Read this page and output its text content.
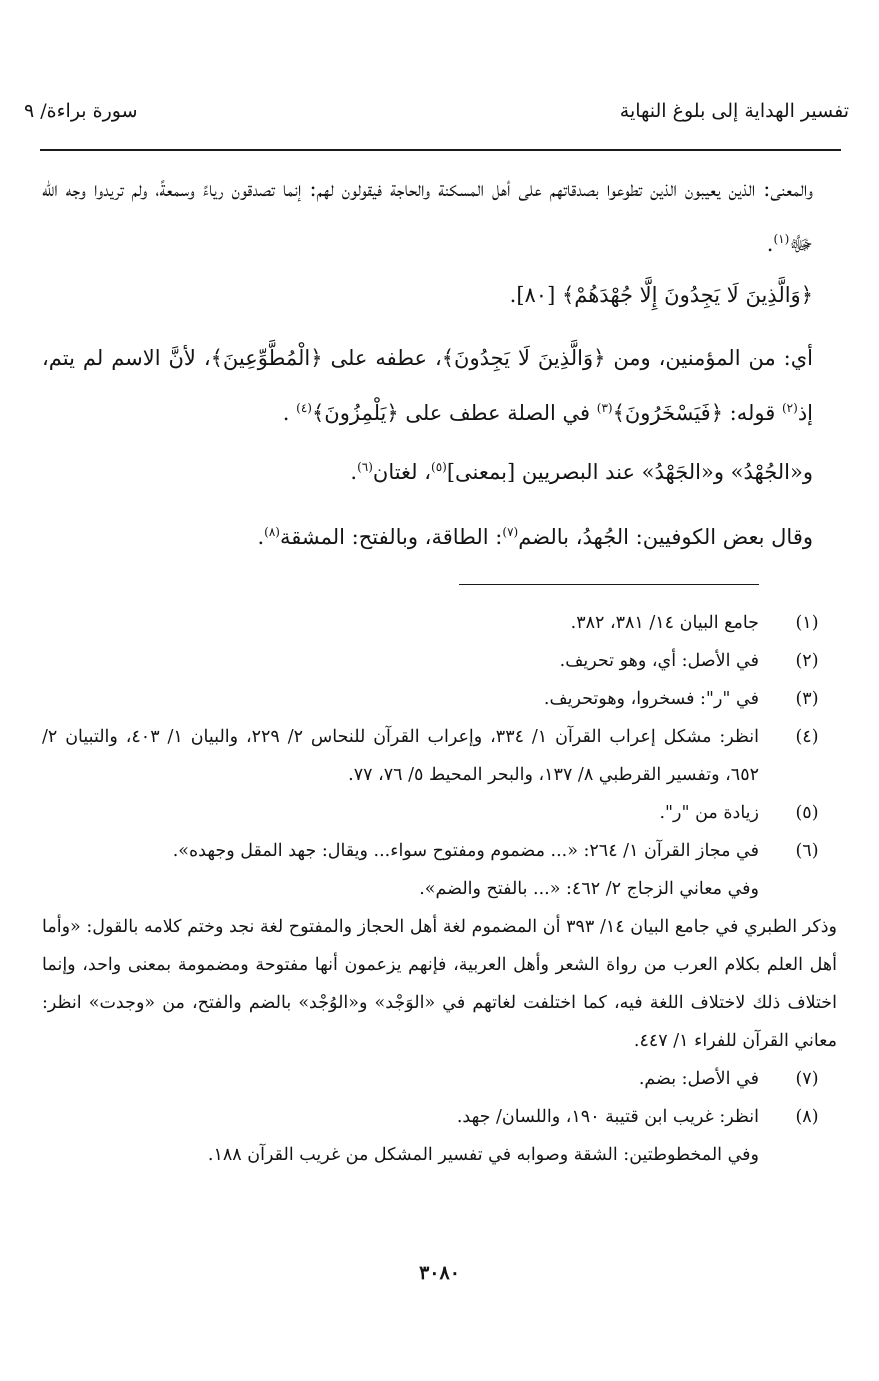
تفسير الهداية إلى بلوغ النهاية
سورة براءة/ ٩

والمعنى: الذين يعيبون الذين تطوعوا بصدقاتهم على أهل المسكنة والحاجة فيقولون لهم: إنما تصدقون رياءً وسمعةً، ولم تريدوا وجه الله ﷻ$^{(١)}$.

﴿وَالَّذِينَ لَا يَجِدُونَ إِلَّا جُهْدَهُمْ﴾ [٨٠].

أي: من المؤمنين، ومن ﴿وَالَّذِينَ لَا يَجِدُونَ﴾، عطفه على ﴿الْمُطَّوِّعِينَ﴾، لأنَّ الاسم لم يتم، إذ$^{(٢)}$ قوله: ﴿فَيَسْخَرُونَ﴾$^{(٣)}$ في الصلة عطف على ﴿يَلْمِزُونَ﴾$^{(٤)}$ .

و«الجُهْدُ» و«الجَهْدُ» عند البصريين [بمعنى]$^{(٥)}$، لغتان$^{(٦)}$.

وقال بعض الكوفيين: الجُهدُ، بالضم$^{(٧)}$: الطاقة، وبالفتح: المشقة$^{(٨)}$.

(١)

جامع البيان ١٤/ ٣٨١، ٣٨٢.

(٢)

في الأصل: أي، وهو تحريف.

(٣)

في "ر": فسخروا، وهوتحريف.

(٤)

انظر: مشكل إعراب القرآن ١/ ٣٣٤، وإعراب القرآن للنحاس ٢/ ٢٢٩، والبيان ١/ ٤٠٣، والتبيان ٢/ ٦٥٢، وتفسير القرطبي ٨/ ١٣٧، والبحر المحيط ٥/ ٧٦، ٧٧.

(٥)

زيادة من "ر".

(٦)

في مجاز القرآن ١/ ٢٦٤: «... مضموم ومفتوح سواء... ويقال: جهد المقل وجهده».

وفي معاني الزجاج ٢/ ٤٦٢: «... بالفتح والضم».

وذكر الطبري في جامع البيان ١٤/ ٣٩٣ أن المضموم لغة أهل الحجاز والمفتوح لغة نجد وختم كلامه بالقول: «وأما أهل العلم بكلام العرب من رواة الشعر وأهل العربية، فإنهم يزعمون أنها مفتوحة ومضمومة بمعنى واحد، وإنما اختلاف ذلك لاختلاف اللغة فيه، كما اختلفت لغاتهم في «الوَجْد» و«الوُجْد» بالضم والفتح، من «وجدت» انظر: معاني القرآن للفراء ١/ ٤٤٧.

(٧)

في الأصل: بضم.

(٨)

انظر: غريب ابن قتيبة ١٩٠، واللسان/ جهد.

وفي المخطوطتين: الشقة وصوابه في تفسير المشكل من غريب القرآن ١٨٨.

٣٠٨٠
